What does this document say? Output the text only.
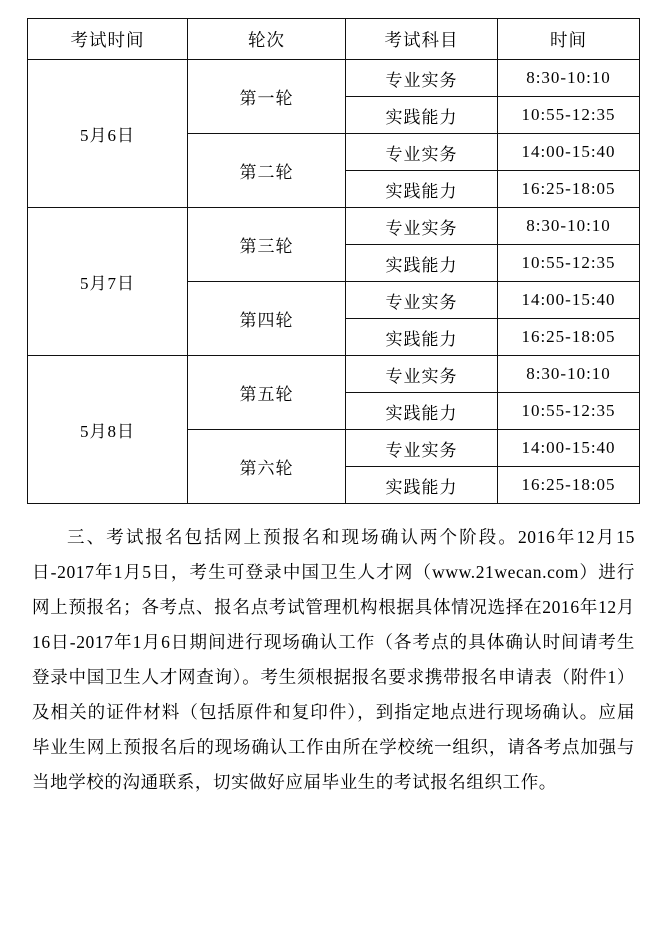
考试时间	轮次	考试科目	时间
5月6日	第一轮	专业实务	8:30-10:10
		实践能力	10:55-12:35
	第二轮	专业实务	14:00-15:40
		实践能力	16:25-18:05
5月7日	第三轮	专业实务	8:30-10:10
		实践能力	10:55-12:35
	第四轮	专业实务	14:00-15:40
		实践能力	16:25-18:05
5月8日	第五轮	专业实务	8:30-10:10
		实践能力	10:55-12:35
	第六轮	专业实务	14:00-15:40
		实践能力	16:25-18:05

三、考试报名包括网上预报名和现场确认两个阶段。2016年12月15日-2017年1月5日，考生可登录中国卫生人才网（www.21wecan.com）进行网上预报名；各考点、报名点考试管理机构根据具体情况选择在2016年12月16日-2017年1月6日期间进行现场确认工作（各考点的具体确认时间请考生登录中国卫生人才网查询）。考生须根据报名要求携带报名申请表（附件1）及相关的证件材料（包括原件和复印件），到指定地点进行现场确认。应届毕业生网上预报名后的现场确认工作由所在学校统一组织，请各考点加强与当地学校的沟通联系，切实做好应届毕业生的考试报名组织工作。
